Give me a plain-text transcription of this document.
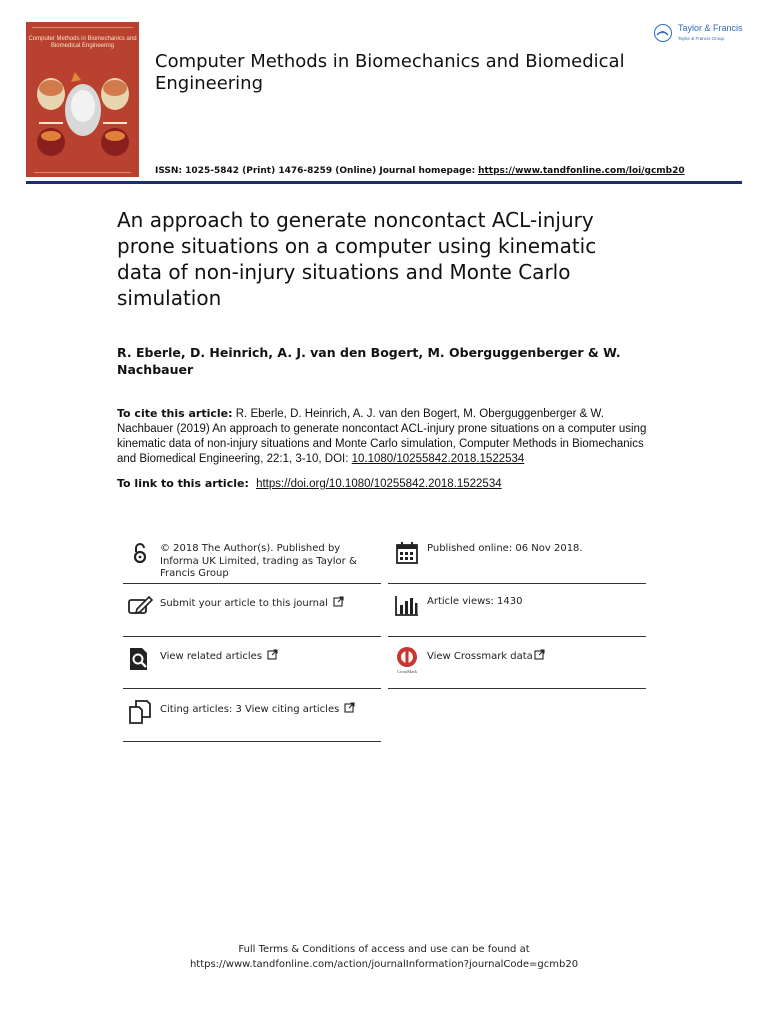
Computer Methods in Biomechanics and Biomedical Engineering
Computer Methods in Biomechanics and Biomedical Engineering
ISSN: 1025-5842 (Print) 1476-8259 (Online) Journal homepage: https://www.tandfonline.com/loi/gcmb20
Taylor & Francis
Taylor & Francis Group
An approach to generate noncontact ACL-injury prone situations on a computer using kinematic data of non-injury situations and Monte Carlo simulation
R. Eberle, D. Heinrich, A. J. van den Bogert, M. Oberguggenberger & W. Nachbauer
To cite this article: R. Eberle, D. Heinrich, A. J. van den Bogert, M. Oberguggenberger & W. Nachbauer (2019) An approach to generate noncontact ACL-injury prone situations on a computer using kinematic data of non-injury situations and Monte Carlo simulation, Computer Methods in Biomechanics and Biomedical Engineering, 22:1, 3-10, DOI: 10.1080/10255842.2018.1522534
To link to this article: https://doi.org/10.1080/10255842.2018.1522534
© 2018 The Author(s). Published by Informa UK Limited, trading as Taylor & Francis Group
Published online: 06 Nov 2018.
Submit your article to this journal	Article views: 1430
View related articles
CrossMark
View Crossmark data
Citing articles: 3 View citing articles
Full Terms & Conditions of access and use can be found at
https://www.tandfonline.com/action/journalInformation?journalCode=gcmb20
